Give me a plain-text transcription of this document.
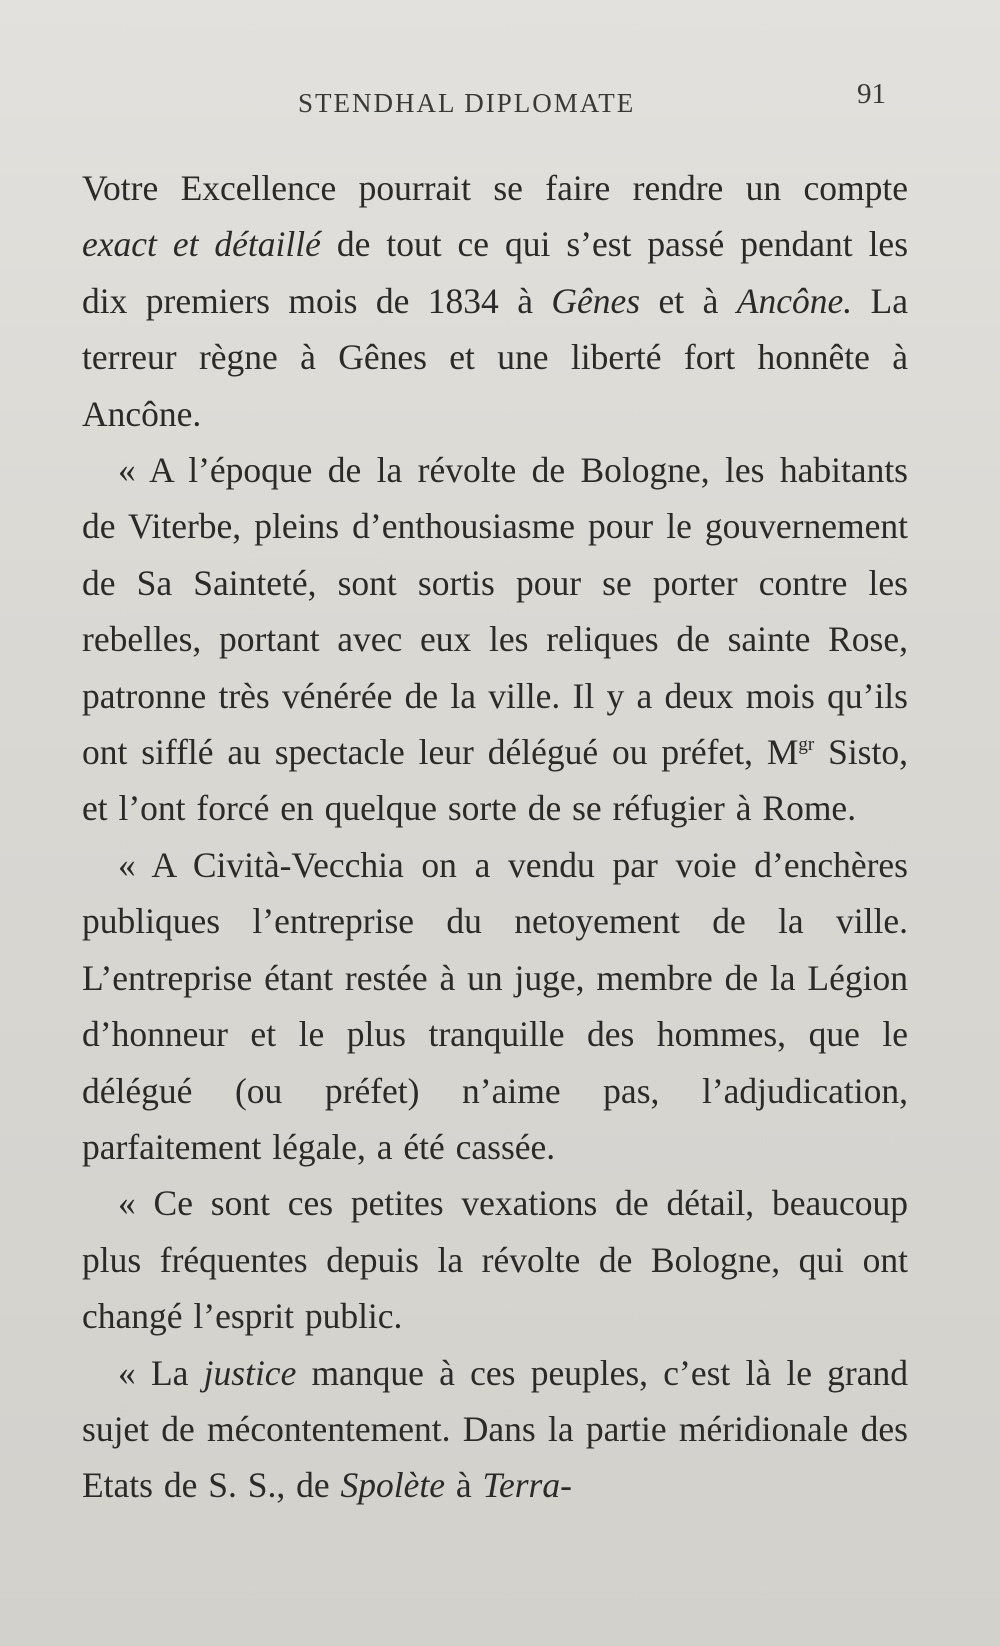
STENDHAL DIPLOMATE	91

Votre Excellence pourrait se faire rendre un compte exact et détaillé de tout ce qui s’est passé pendant les dix premiers mois de 1834 à Gênes et à Ancône. La terreur règne à Gênes et une liberté fort honnête à Ancône.

« A l’époque de la révolte de Bologne, les habitants de Viterbe, pleins d’enthousiasme pour le gouvernement de Sa Sainteté, sont sortis pour se porter contre les rebelles, portant avec eux les reliques de sainte Rose, patronne très vénérée de la ville. Il y a deux mois qu’ils ont sifflé au spectacle leur délégué ou préfet, $M^{gr}$ Sisto, et l’ont forcé en quelque sorte de se réfugier à Rome.

« A Cività-Vecchia on a vendu par voie d’enchères publiques l’entreprise du netoyement de la ville. L’entreprise étant restée à un juge, membre de la Légion d’honneur et le plus tranquille des hommes, que le délégué (ou préfet) n’aime pas, l’adjudication, parfaitement légale, a été cassée.

« Ce sont ces petites vexations de détail, beaucoup plus fréquentes depuis la révolte de Bologne, qui ont changé l’esprit public.

« La justice manque à ces peuples, c’est là le grand sujet de mécontentement. Dans la partie méridionale des Etats de S. S., de Spolète à Terra-
